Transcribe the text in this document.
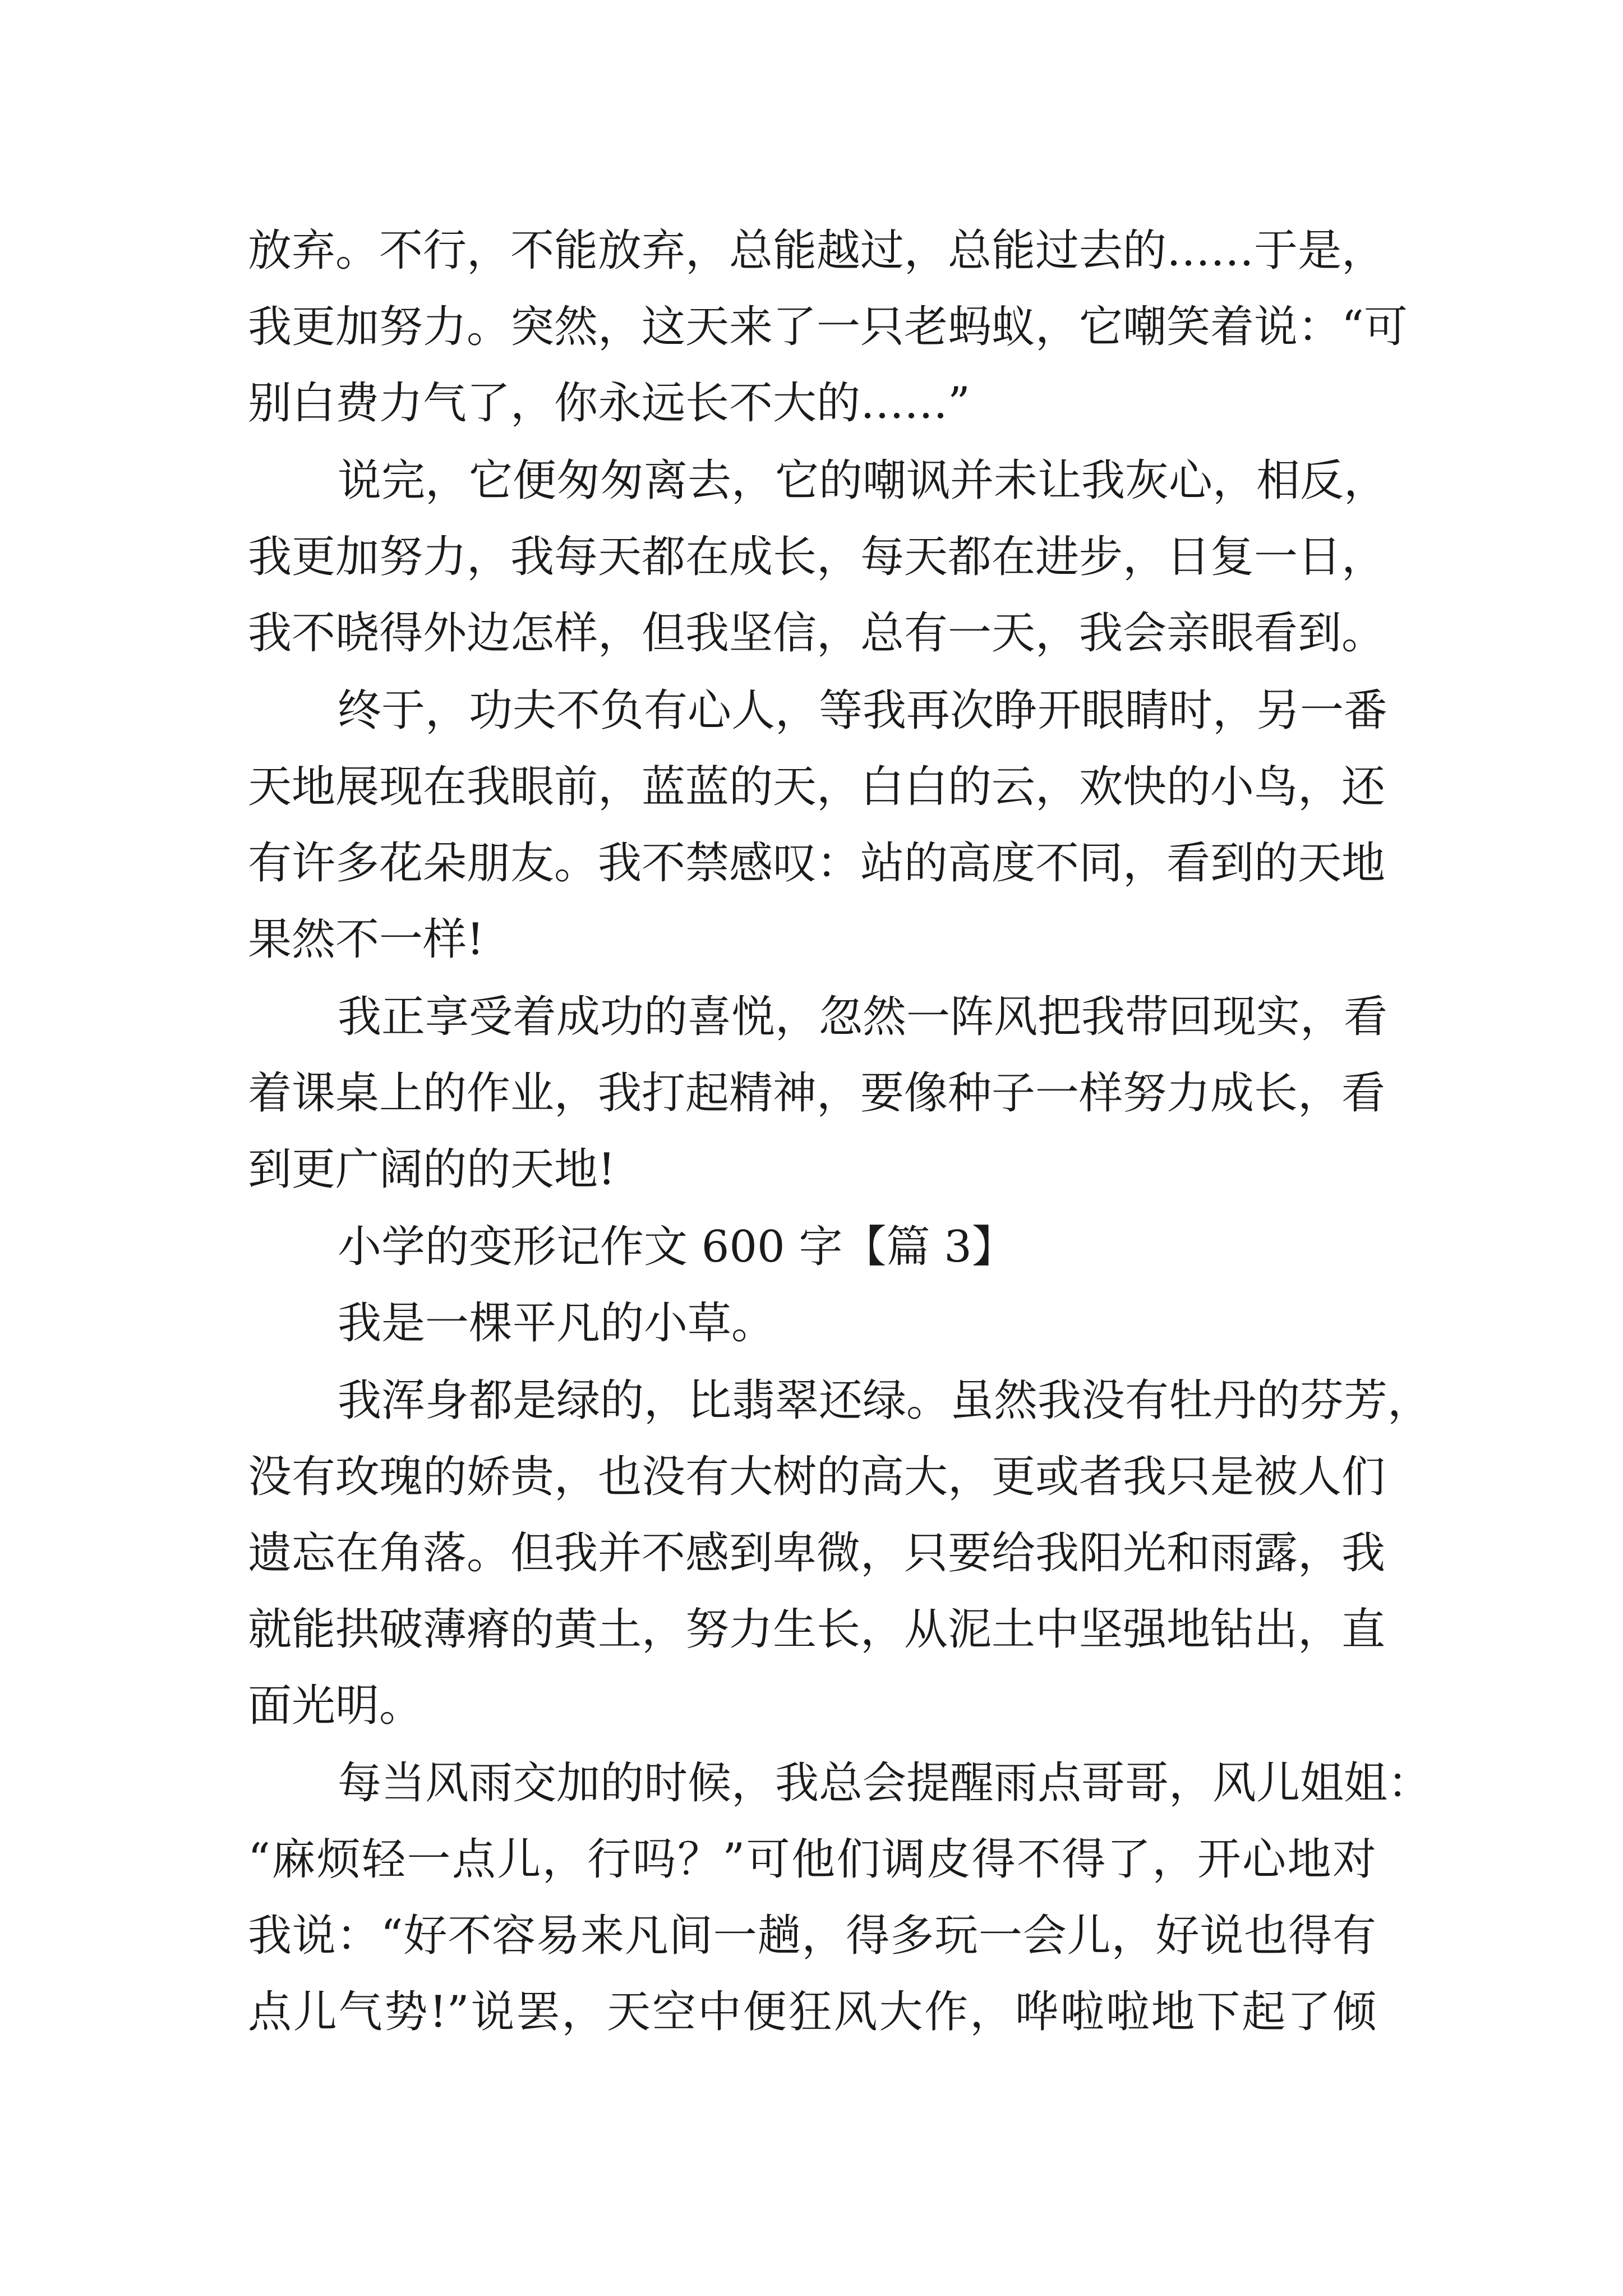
放弃。不行，不能放弃，总能越过，总能过去的……于是，
我更加努力。突然，这天来了一只老蚂蚁，它嘲笑着说：“可
别白费力气了，你永远长不大的……”
说完，它便匆匆离去，它的嘲讽并未让我灰心，相反，
我更加努力，我每天都在成长，每天都在进步，日复一日，
我不晓得外边怎样，但我坚信，总有一天，我会亲眼看到。
终于，功夫不负有心人，等我再次睁开眼睛时，另一番
天地展现在我眼前，蓝蓝的天，白白的云，欢快的小鸟，还
有许多花朵朋友。我不禁感叹：站的高度不同，看到的天地
果然不一样!
我正享受着成功的喜悦，忽然一阵风把我带回现实，看
着课桌上的作业，我打起精神，要像种子一样努力成长，看
到更广阔的的天地!
小学的变形记作文 600 字【篇 3】
我是一棵平凡的小草。
我浑身都是绿的，比翡翠还绿。虽然我没有牡丹的芬芳，
没有玫瑰的娇贵，也没有大树的高大，更或者我只是被人们
遗忘在角落。但我并不感到卑微，只要给我阳光和雨露，我
就能拱破薄瘠的黄土，努力生长，从泥土中坚强地钻出，直
面光明。
每当风雨交加的时候，我总会提醒雨点哥哥，风儿姐姐：
“麻烦轻一点儿，行吗？”可他们调皮得不得了，开心地对
我说：“好不容易来凡间一趟，得多玩一会儿，好说也得有
点儿气势!”说罢，天空中便狂风大作，哗啦啦地下起了倾
